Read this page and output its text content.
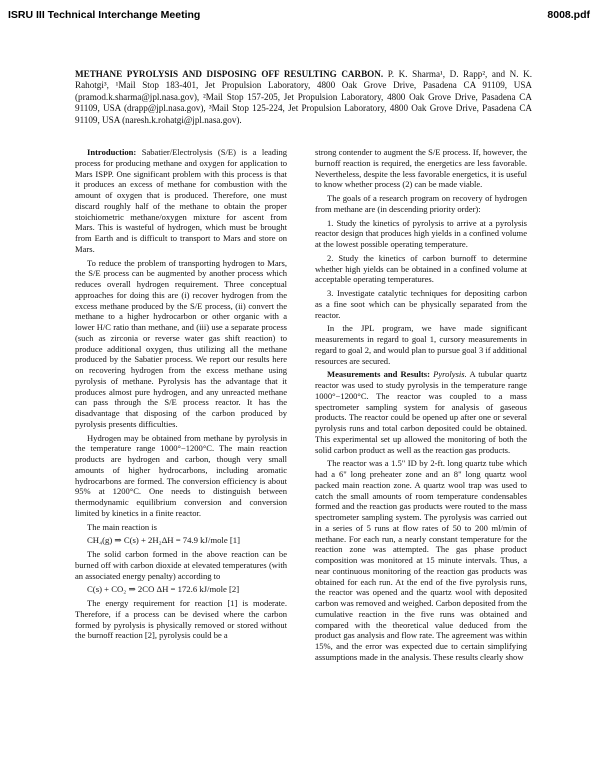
ISRU III Technical Interchange Meeting	8008.pdf
METHANE PYROLYSIS AND DISPOSING OFF RESULTING CARBON. P. K. Sharma¹, D. Rapp², and N. K. Rahotgi³, ¹Mail Stop 183-401, Jet Propulsion Laboratory, 4800 Oak Grove Drive, Pasadena CA 91109, USA (pramod.k.sharma@jpl.nasa.gov), ²Mail Stop 157-205, Jet Propulsion Laboratory, 4800 Oak Grove Drive, Pasadena CA 91109, USA (drapp@jpl.nasa.gov), ³Mail Stop 125-224, Jet Propulsion Laboratory, 4800 Oak Grove Drive, Pasadena CA 91109, USA (naresh.k.rohatgi@jpl.nasa.gov).

Introduction: Sabatier/Electrolysis (S/E) is a leading process for producing methane and oxygen for application to Mars ISPP. One significant problem with this process is that it produces an excess of methane for combustion with the amount of oxygen that is produced. Therefore, one must discard roughly half of the methane to obtain the proper stoichiometric methane/oxygen mixture for ascent from Mars. This is wasteful of hydrogen, which must be brought from Earth and is difficult to transport to Mars and store on Mars.

To reduce the problem of transporting hydrogen to Mars, the S/E process can be augmented by another process which reduces overall hydrogen requirement. Three conceptual approaches for doing this are (i) recover hydrogen from the excess methane produced by the S/E process, (ii) convert the methane to a higher hydrocarbon or other organic with a lower H/C ratio than methane, and (iii) use a separate process (such as zirconia or reverse water gas shift reaction) to produce additional oxygen, thus utilizing all the methane produced by the Sabatier process. We report our results here on recovering hydrogen from the excess methane using pyrolysis of methane. Pyrolysis has the advantage that it produces almost pure hydrogen, and any unreacted methane can pass through the S/E process reactor. It has the disadvantage that disposing of the carbon produced by pyrolysis presents difficulties.

Hydrogen may be obtained from methane by pyrolysis in the temperature range 1000°−1200°C. The main reaction products are hydrogen and carbon, though very small amounts of higher hydrocarbons, including aromatic hydrocarbons are formed. The conversion efficiency is about 95% at 1200°C. One needs to distinguish between thermodynamic equilibrium conversion and conversion limited by kinetics in a finite reactor.

The main reaction is

CH₄(g) ⇒ C(s) + 2H₂ΔH = 74.9 kJ/mole [1]

The solid carbon formed in the above reaction can be burned off with carbon dioxide at elevated temperatures (with an associated energy penalty) according to

C(s) + CO₂ ⇒ 2CO ΔH = 172.6 kJ/mole [2]

The energy requirement for reaction [1] is moderate. Therefore, if a process can be devised where the carbon formed by pyrolysis is physically removed or stored without the burnoff reaction [2], pyrolysis could be a

strong contender to augment the S/E process. If, however, the burnoff reaction is required, the energetics are less favorable. Nevertheless, despite the less favorable energetics, it is useful to know whether process (2) can be made viable.

The goals of a research program on recovery of hydrogen from methane are (in descending priority order):

1. Study the kinetics of pyrolysis to arrive at a pyrolysis reactor design that produces high yields in a confined volume at the lowest possible operating temperature.

2. Study the kinetics of carbon burnoff to determine whether high yields can be obtained in a confined volume at acceptable operating temperatures.

3. Investigate catalytic techniques for depositing carbon as a fine soot which can be physically separated from the reactor.

In the JPL program, we have made significant measurements in regard to goal 1, cursory measurements in regard to goal 2, and would plan to pursue goal 3 if additional resources are secured.

Measurements and Results: Pyrolysis. A tubular quartz reactor was used to study pyrolysis in the temperature range 1000°−1200°C. The reactor was coupled to a mass spectrometer sampling system for analysis of gaseous products. The reactor could be opened up after one or several pyrolysis runs and total carbon deposited could be obtained. This experimental set up allowed the monitoring of both the solid carbon product as well as the reaction gas products.

The reactor was a 1.5" ID by 2-ft. long quartz tube which had a 6" long preheater zone and an 8" long quartz wool packed main reaction zone. A quartz wool trap was used to catch the small amounts of room temperature condensables formed and the reaction gas products were routed to the mass spectrometer sampling system. The pyrolysis was carried out in a series of 5 runs at flow rates of 50 to 200 ml/min of methane. For each run, a nearly constant temperature for the reaction zone was attempted. The gas phase product composition was monitored at 15 minute intervals. Thus, a near continuous monitoring of the reaction gas products was obtained for each run. At the end of the five pyrolysis runs, the reactor was opened and the quartz wool with deposited carbon was removed and weighed. Carbon deposited from the cumulative reaction in the five runs was obtained and compared with the theoretical value deduced from the product gas analysis and flow rate. The agreement was within 15%, and the error was expected due to certain simplifying assumptions made in the analysis. These results clearly show
